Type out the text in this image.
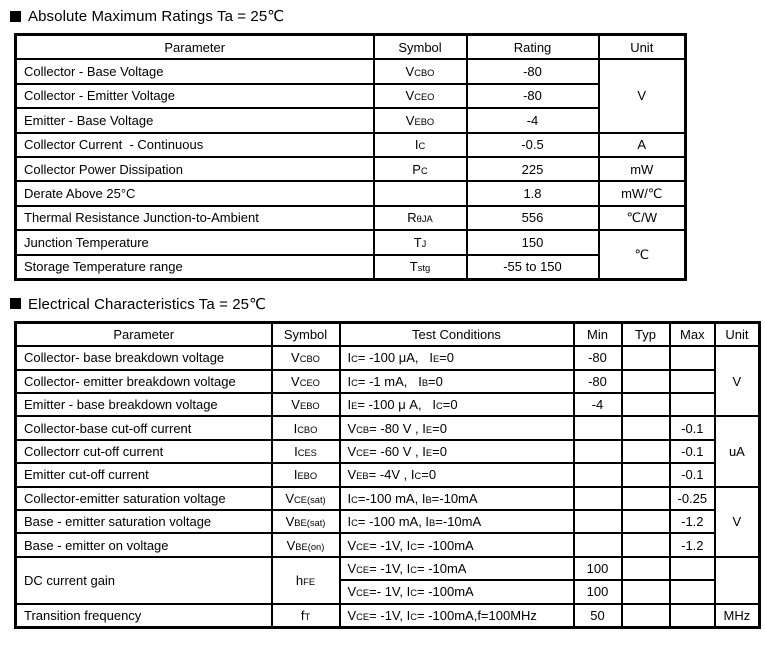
Absolute Maximum Ratings Ta = 25℃
Parameter	Symbol	Rating	Unit
Collector - Base Voltage	VCBO	-80	V
Collector - Emitter Voltage	VCEO	-80	
Emitter - Base Voltage	VEBO	-4	
Collector Current  - Continuous	IC	-0.5	A
Collector Power Dissipation	PC	225	mW
Derate Above 25°C		1.8	mW/℃
Thermal Resistance Junction-to-Ambient	RθJA	556	℃/W
Junction Temperature	TJ	150	℃
Storage Temperature range	Tstg	-55 to 150	
Electrical Characteristics Ta = 25℃
Parameter	Symbol	Test Conditions	Min	Typ	Max	Unit
Collector- base breakdown voltage	VCBO	IC= -100 μA,   IE=0	-80			V
Collector- emitter breakdown voltage	VCEO	IC= -1 mA,   IB=0	-80			
Emitter - base breakdown voltage	VEBO	IE= -100 μ A,   IC=0	-4			
Collector-base cut-off current	ICBO	VCB= -80 V , IE=0			-0.1	uA
Collectorr cut-off current	ICES	VCE= -60 V , IE=0			-0.1	
Emitter cut-off current	IEBO	VEB= -4V , IC=0			-0.1	
Collector-emitter saturation voltage	VCE(sat)	IC=-100 mA, IB=-10mA			-0.25	V
Base - emitter saturation voltage	VBE(sat)	IC= -100 mA, IB=-10mA			-1.2	
Base - emitter on voltage	VBE(on)	VCE= -1V, IC= -100mA			-1.2	
DC current gain	hFE	VCE= -1V, IC= -10mA	100			
		VCE=- 1V, IC= -100mA	100			
Transition frequency	fT	VCE= -1V, IC= -100mA,f=100MHz	50			MHz
